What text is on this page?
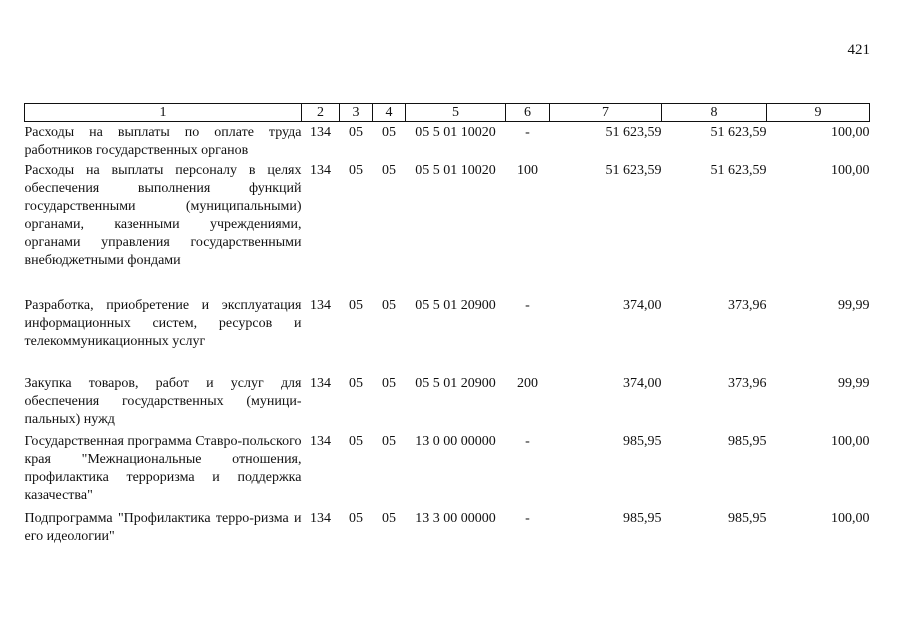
421
1	2	3	4	5	6	7	8	9
Расходы на выплаты по оплате труда работников государственных органов	134	05	05	05 5 01 10020	-	51 623,59	51 623,59	100,00
Расходы на выплаты персоналу в целях обеспечения выполнения функций государственными (муниципальными) органами, казенными учреждениями, органами управления государственными внебюджетными фондами	134	05	05	05 5 01 10020	100	51 623,59	51 623,59	100,00
Разработка, приобретение и эксплуатация информационных систем, ресурсов и телекоммуникационных услуг	134	05	05	05 5 01 20900	-	374,00	373,96	99,99
Закупка товаров, работ и услуг для обеспечения государственных (муници-пальных) нужд	134	05	05	05 5 01 20900	200	374,00	373,96	99,99
Государственная программа Ставро-польского края "Межнациональные отношения, профилактика терроризма и поддержка казачества"	134	05	05	13 0 00 00000	-	985,95	985,95	100,00
Подпрограмма "Профилактика терро-ризма и его идеологии"	134	05	05	13 3 00 00000	-	985,95	985,95	100,00
